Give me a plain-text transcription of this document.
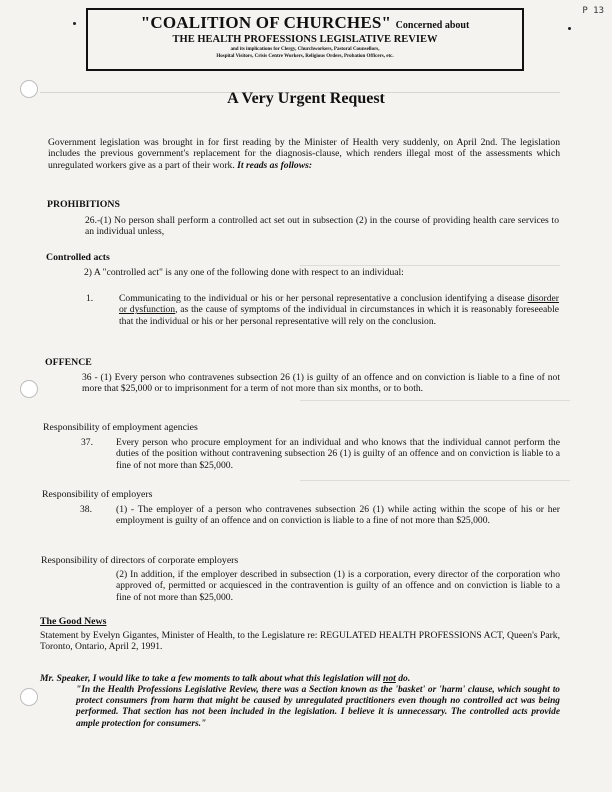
P 13
"COALITION OF CHURCHES" Concerned about
THE HEALTH PROFESSIONS LEGISLATIVE REVIEW
and its implications for Clergy, Churchworkers, Pastoral Counsellors,
Hospital Visitors, Crisis Centre Workers, Religious Orders, Probation Officers, etc.
A Very Urgent Request
Government legislation was brought in for first reading by the Minister of Health very suddenly, on April 2nd. The legislation includes the previous government's replacement for the diagnosis-clause, which renders illegal most of the assessments which unregulated workers give as a part of their work. It reads as follows:
PROHIBITIONS
26.-(1) No person shall perform a controlled act set out in subsection (2) in the course of providing health care services to an individual unless,
Controlled acts
2) A "controlled act" is any one of the following done with respect to an individual:
1.	Communicating to the individual or his or her personal representative a conclusion identifying a disease disorder or dysfunction, as the cause of symptoms of the individual in circumstances in which it is reasonably foreseeable that the individual or his or her personal representative will rely on the conclusion.
OFFENCE
36 - (1) Every person who contravenes subsection 26 (1) is guilty of an offence and on conviction is liable to a fine of not more that $25,000 or to imprisonment for a term of not more than six months, or to both.
Responsibility of employment agencies
37. Every person who procure employment for an individual and who knows that the individual cannot perform the duties of the position without contravening subsection 26 (1) is guilty of an offence and on conviction is liable to a fine of not more than $25,000.
Responsibility of employers
38.	(1) - The employer of a person who contravenes subsection 26 (1) while acting within the scope of his or her employment is guilty of an offence and on conviction is liable to a fine of not more than $25,000.
Responsibility of directors of corporate employers
(2) In addition, if the employer described in subsection (1) is a corporation, every director of the corporation who approved of, permitted or acquiesced in the contravention is guilty of an offence and on conviction is liable to a fine of not more than $25,000.
The Good News
Statement by Evelyn Gigantes, Minister of Health, to the Legislature re: REGULATED HEALTH PROFESSIONS ACT, Queen's Park, Toronto, Ontario, April 2, 1991.
Mr. Speaker, I would like to take a few moments to talk about what this legislation will not do.
"In the Health Professions Legislative Review, there was a Section known as the 'basket' or 'harm' clause, which sought to protect consumers from harm that might be caused by unregulated practitioners even though no controlled act was being performed. That section has not been included in the legislation. I believe it is unnecessary. The controlled acts provide ample protection for consumers."
